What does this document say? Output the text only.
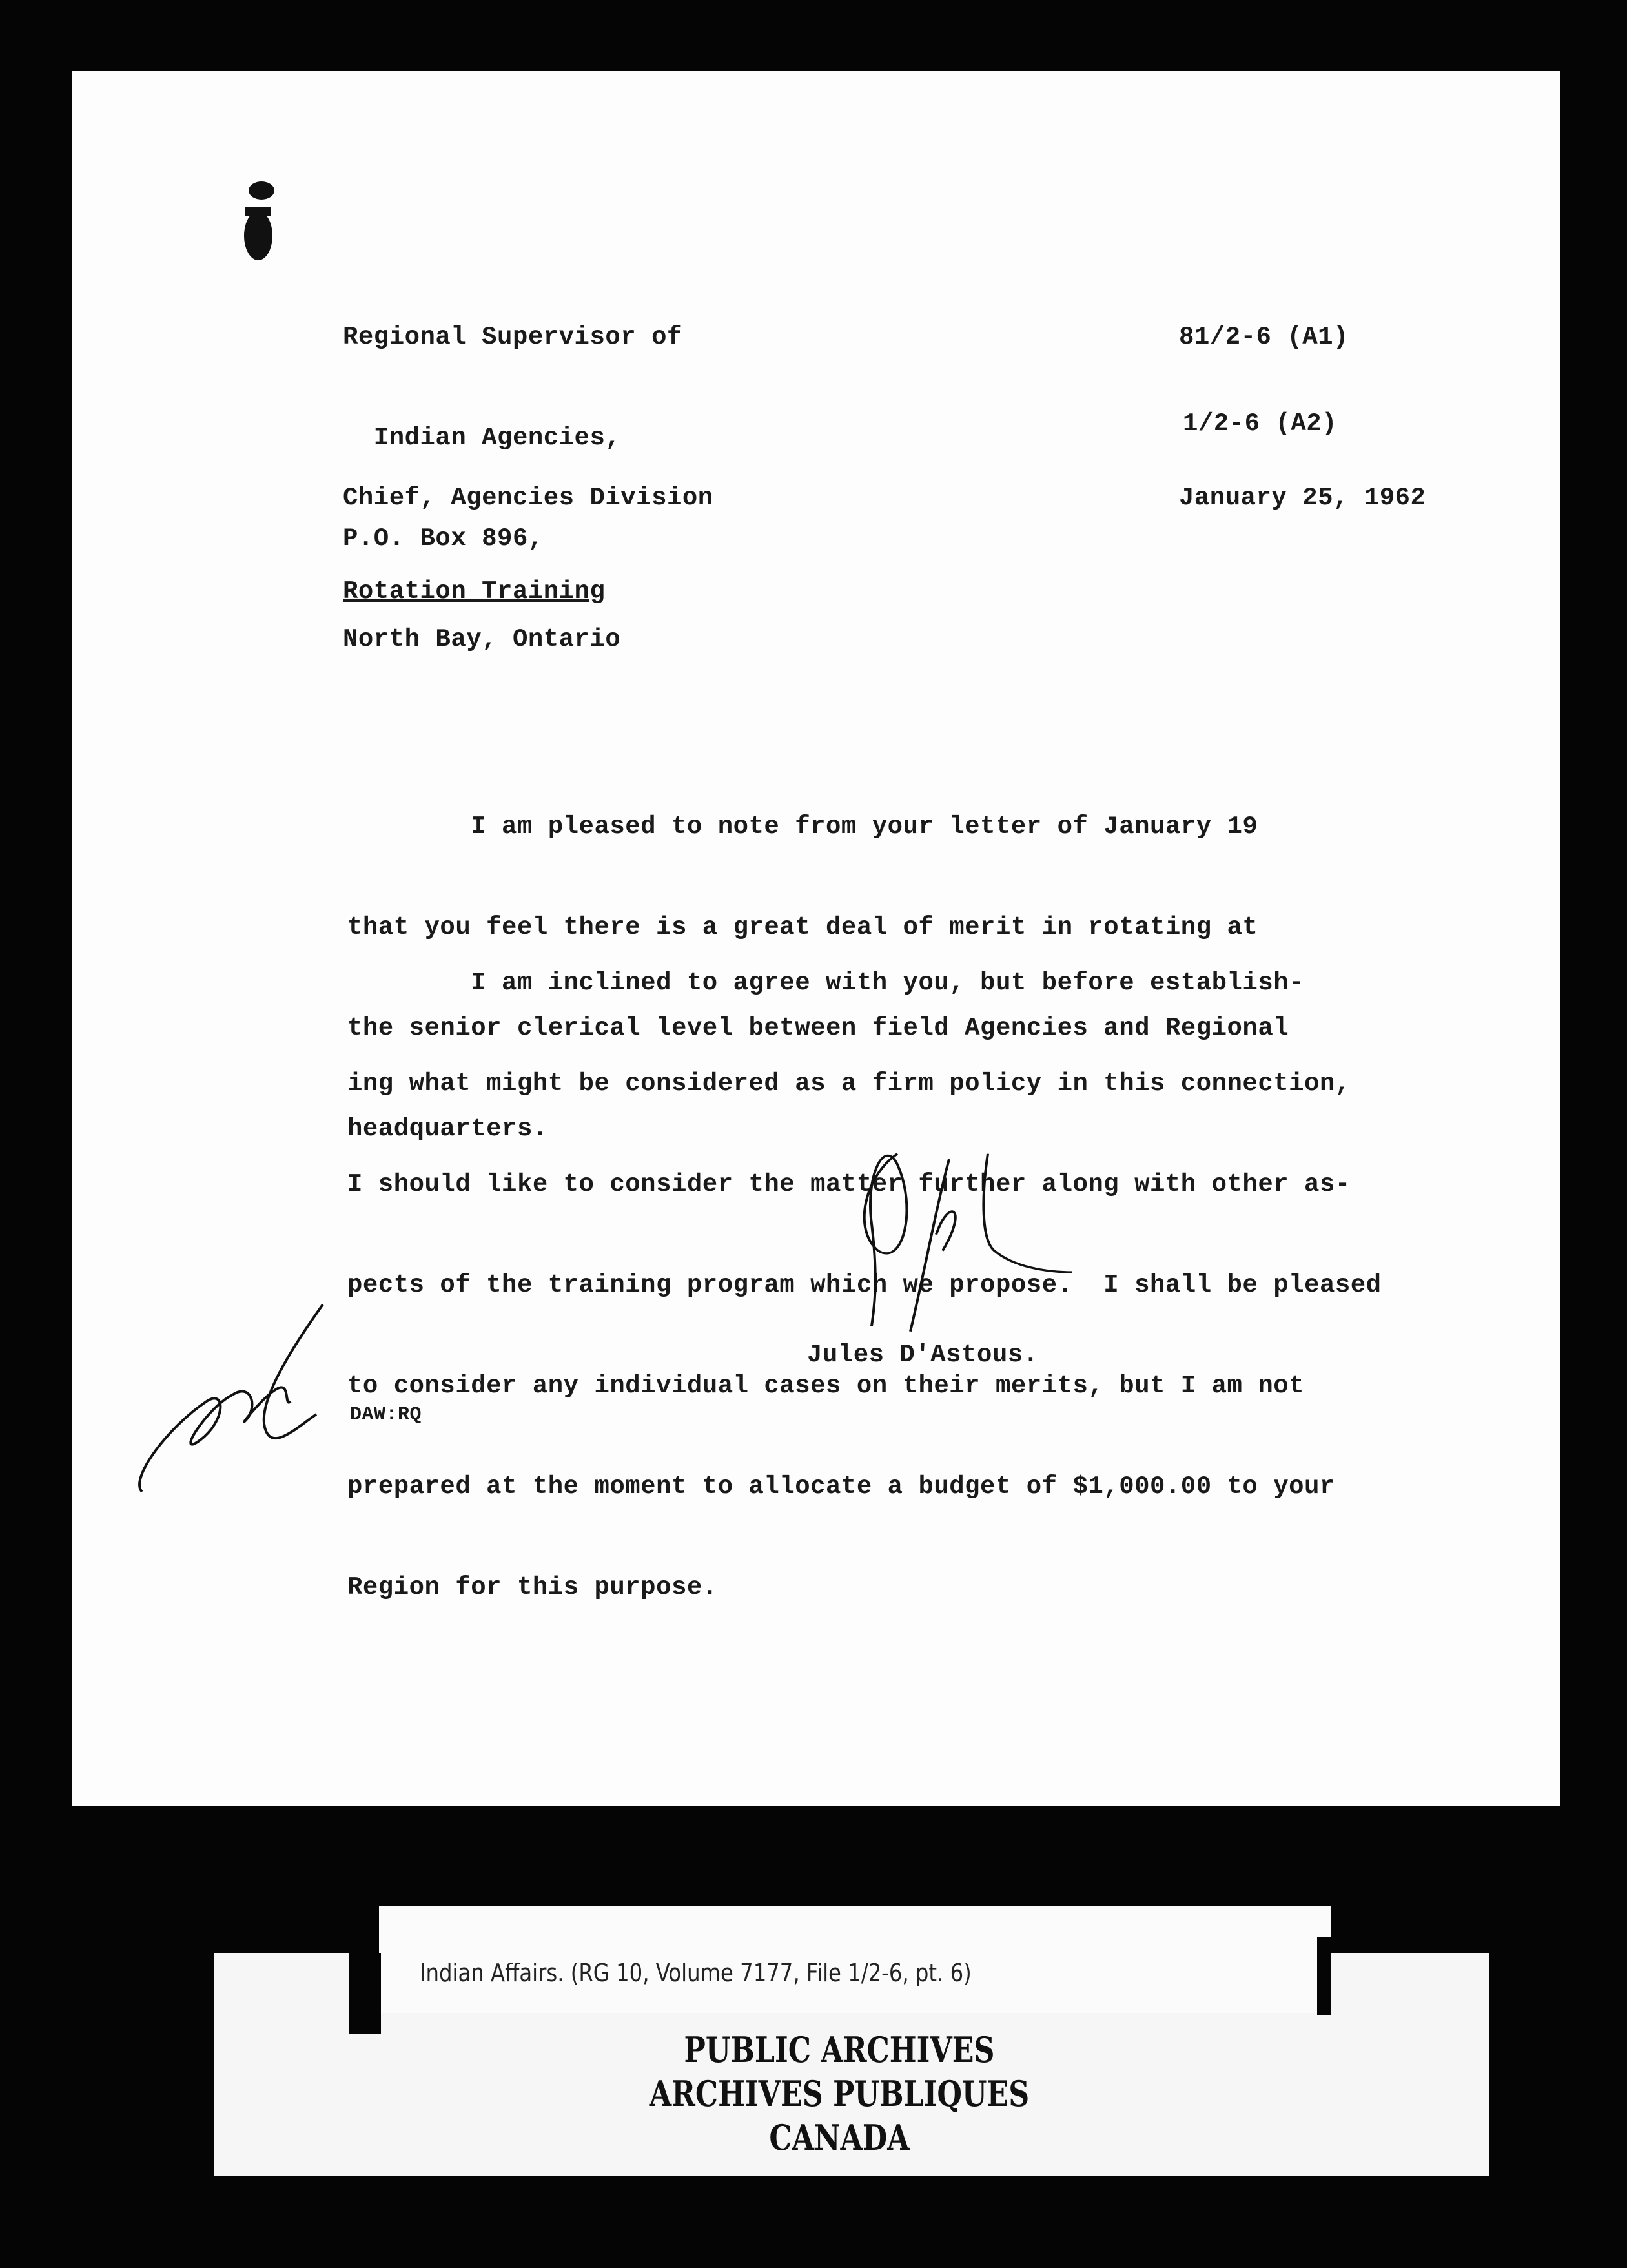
Regional Supervisor of

Indian Agencies,

P.O. Box 896,

North Bay, Ontario

81/2-6 (A1)
1/2-6 (A2)
Chief, Agencies Division	January 25, 1962
Rotation Training

I am pleased to note from your letter of January 19

that you feel there is a great deal of merit in rotating at

the senior clerical level between field Agencies and Regional

headquarters.

I am inclined to agree with you, but before establish-

ing what might be considered as a firm policy in this connection,

I should like to consider the matter further along with other as-

pects of the training program which we propose.  I shall be pleased

to consider any individual cases on their merits, but I am not

prepared at the moment to allocate a budget of $1,000.00 to your

Region for this purpose.

Jules D'Astous.
DAW:RQ
Indian Affairs. (RG 10, Volume 7177, File 1/2-6, pt. 6)
PUBLIC ARCHIVES
ARCHIVES PUBLIQUES
CANADA
